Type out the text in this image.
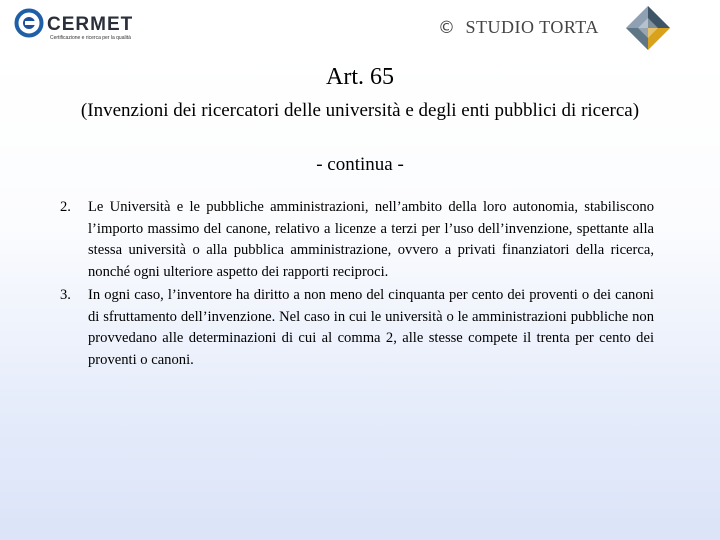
CERMET
Certificazione e ricerca per la qualità	© STUDIO TORTA
Art. 65
(Invenzioni dei ricercatori delle università e degli enti pubblici di ricerca)
- continua -

2. Le Università e le pubbliche amministrazioni, nell’ambito della loro autonomia, stabiliscono l’importo massimo del canone, relativo a licenze a terzi per l’uso dell’invenzione, spettante alla stessa università o alla pubblica amministrazione, ovvero a privati finanziatori della ricerca, nonché ogni ulteriore aspetto dei rapporti reciproci.

3. In ogni caso, l’inventore ha diritto a non meno del cinquanta per cento dei proventi o dei canoni di sfruttamento dell’invenzione. Nel caso in cui le università o le amministrazioni pubbliche non provvedano alle determinazioni di cui al comma 2, alle stesse compete il trenta per cento dei proventi o canoni.
